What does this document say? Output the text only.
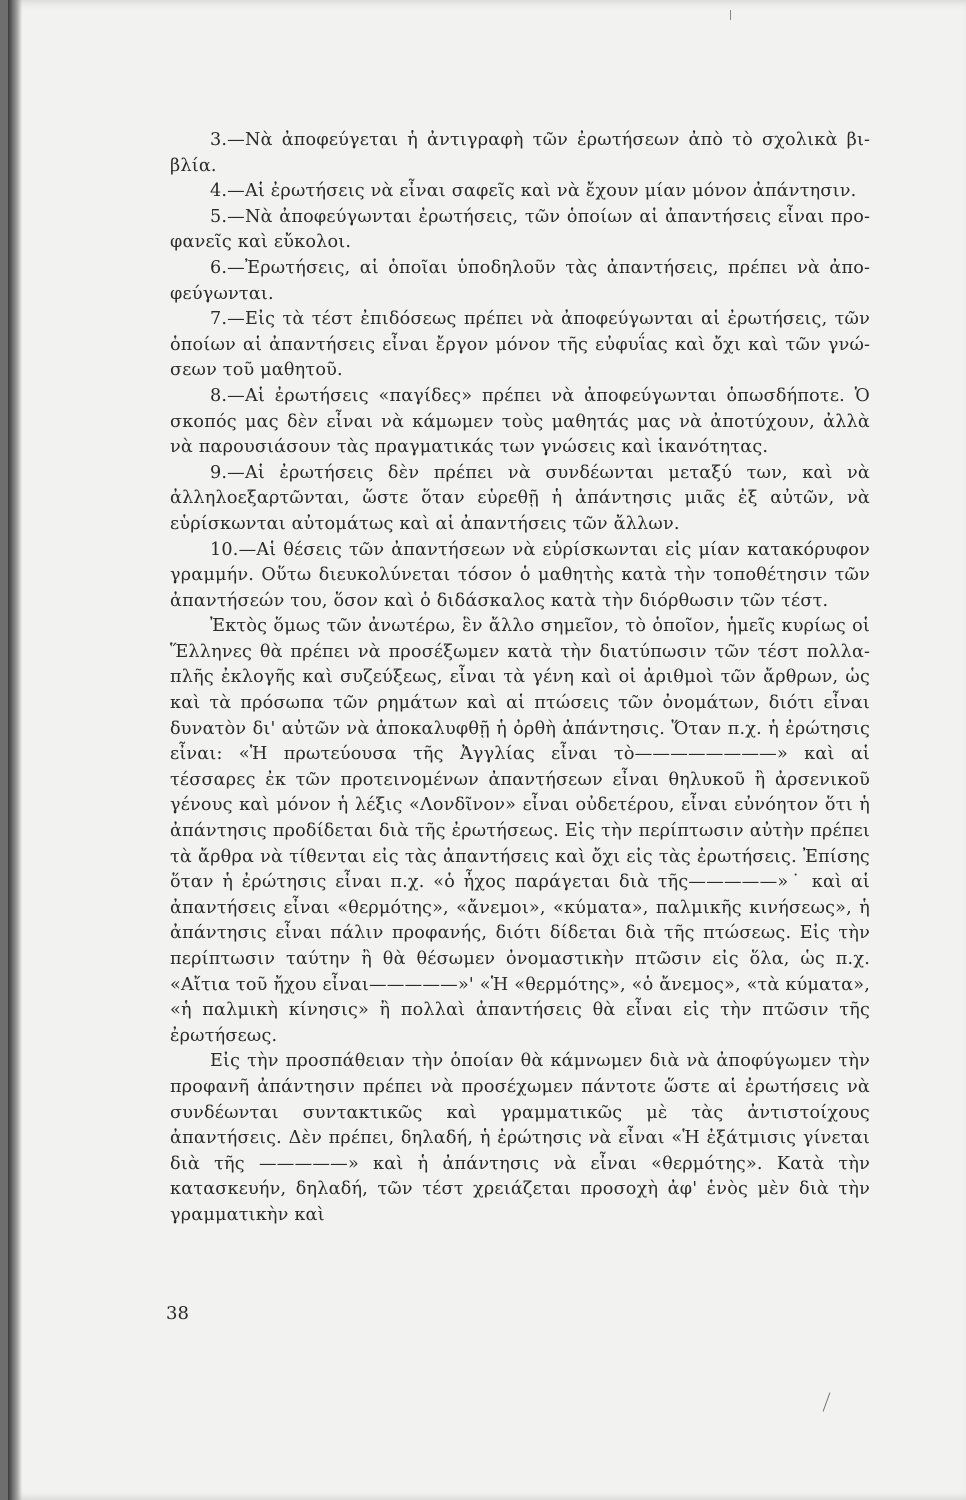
3.—Νὰ ἀποφεύγεται ἡ ἀντιγραφὴ τῶν ἐρωτήσεων ἀπὸ τὸ σχολικὰ βιβλία.

4.—Αἱ ἐρωτήσεις νὰ εἶναι σαφεῖς καὶ νὰ ἔχουν μίαν μόνον ἀπάντησιν.

5.—Νὰ ἀποφεύγωνται ἐρωτήσεις, τῶν ὁποίων αἱ ἀπαντήσεις εἶναι προφανεῖς καὶ εὔκολοι.

6.—Ἐρωτήσεις, αἱ ὁποῖαι ὑποδηλοῦν τὰς ἀπαντήσεις, πρέπει νὰ ἀποφεύγωνται.

7.—Εἰς τὰ τέστ ἐπιδόσεως πρέπει νὰ ἀποφεύγωνται αἱ ἐρωτήσεις, τῶν ὁποίων αἱ ἀπαντήσεις εἶναι ἔργον μόνον τῆς εὐφυΐας καὶ ὄχι καὶ τῶν γνώσεων τοῦ μαθητοῦ.

8.—Αἱ ἐρωτήσεις «παγίδες» πρέπει νὰ ἀποφεύγωνται ὁπωσδήποτε. Ὁ σκοπός μας δὲν εἶναι νὰ κάμωμεν τοὺς μαθητάς μας νὰ ἀποτύχουν, ἀλλὰ νὰ παρουσιάσουν τὰς πραγματικάς των γνώσεις καὶ ἱκανότητας.

9.—Αἱ ἐρωτήσεις δὲν πρέπει νὰ συνδέωνται μεταξύ των, καὶ νὰ ἀλληλοεξαρτῶνται, ὥστε ὅταν εὑρεθῇ ἡ ἀπάντησις μιᾶς ἐξ αὐτῶν, νὰ εὑρίσκωνται αὐτομάτως καὶ αἱ ἀπαντήσεις τῶν ἄλλων.

10.—Αἱ θέσεις τῶν ἀπαντήσεων νὰ εὑρίσκωνται εἰς μίαν κατακόρυφον γραμμήν. Οὕτω διευκολύνεται τόσον ὁ μαθητὴς κατὰ τὴν τοποθέτησιν τῶν ἀπαντήσεών του, ὅσον καὶ ὁ διδάσκαλος κατὰ τὴν διόρθωσιν τῶν τέστ.

Ἐκτὸς ὅμως τῶν ἀνωτέρω, ἓν ἄλλο σημεῖον, τὸ ὁποῖον, ἡμεῖς κυρίως οἱ Ἕλληνες θὰ πρέπει νὰ προσέξωμεν κατὰ τὴν διατύπωσιν τῶν τέστ πολλαπλῆς ἐκλογῆς καὶ συζεύξεως, εἶναι τὰ γένη καὶ οἱ ἀριθμοὶ τῶν ἄρθρων, ὡς καὶ τὰ πρόσωπα τῶν ρημάτων καὶ αἱ πτώσεις τῶν ὀνομάτων, διότι εἶναι δυνατὸν δι' αὐτῶν νὰ ἀποκαλυφθῇ ἡ ὀρθὴ ἀπάντησις. Ὅταν π.χ. ἡ ἐρώτησις εἶναι: «Ἡ πρωτεύουσα τῆς Ἀγγλίας εἶναι τὸ————————» καὶ αἱ τέσσαρες ἐκ τῶν προτεινομένων ἀπαντήσεων εἶναι θηλυκοῦ ἢ ἀρσενικοῦ γένους καὶ μόνον ἡ λέξις «Λονδῖνον» εἶναι οὐδετέρου, εἶναι εὐνόητον ὅτι ἡ ἀπάντησις προδίδεται διὰ τῆς ἐρωτήσεως. Εἰς τὴν περίπτωσιν αὐτὴν πρέπει τὰ ἄρθρα νὰ τίθενται εἰς τὰς ἀπαντήσεις καὶ ὄχι εἰς τὰς ἐρωτήσεις. Ἐπίσης ὅταν ἡ ἐρώτησις εἶναι π.χ. «ὁ ἦχος παράγεται διὰ τῆς—————»˙ καὶ αἱ ἀπαντήσεις εἶναι «θερμότης», «ἄνεμοι», «κύματα», παλμικῆς κινήσεως», ἡ ἀπάντησις εἶναι πάλιν προφανής, διότι δίδεται διὰ τῆς πτώσεως. Εἰς τὴν περίπτωσιν ταύτην ἢ θὰ θέσωμεν ὀνομαστικὴν πτῶσιν εἰς ὅλα, ὡς π.χ. «Αἴτια τοῦ ἤχου εἶναι—————»' «Ἡ «θερμότης», «ὁ ἄνεμος», «τὰ κύματα», «ἡ παλμικὴ κίνησις» ἢ πολλαὶ ἀπαντήσεις θὰ εἶναι εἰς τὴν πτῶσιν τῆς ἐρωτήσεως.

Εἰς τὴν προσπάθειαν τὴν ὁποίαν θὰ κάμνωμεν διὰ νὰ ἀποφύγωμεν τὴν προφανῆ ἀπάντησιν πρέπει νὰ προσέχωμεν πάντοτε ὥστε αἱ ἐρωτήσεις νὰ συνδέωνται συντακτικῶς καὶ γραμματικῶς μὲ τὰς ἀντιστοίχους ἀπαντήσεις. Δὲν πρέπει, δηλαδή, ἡ ἐρώτησις νὰ εἶναι «Ἡ ἐξάτμισις γίνεται διὰ τῆς —————» καὶ ἡ ἀπάντησις νὰ εἶναι «θερμότης». Κατὰ τὴν κατασκευήν, δηλαδή, τῶν τέστ χρειάζεται προσοχὴ ἀφ' ἑνὸς μὲν διὰ τὴν γραμματικὴν καὶ

38
